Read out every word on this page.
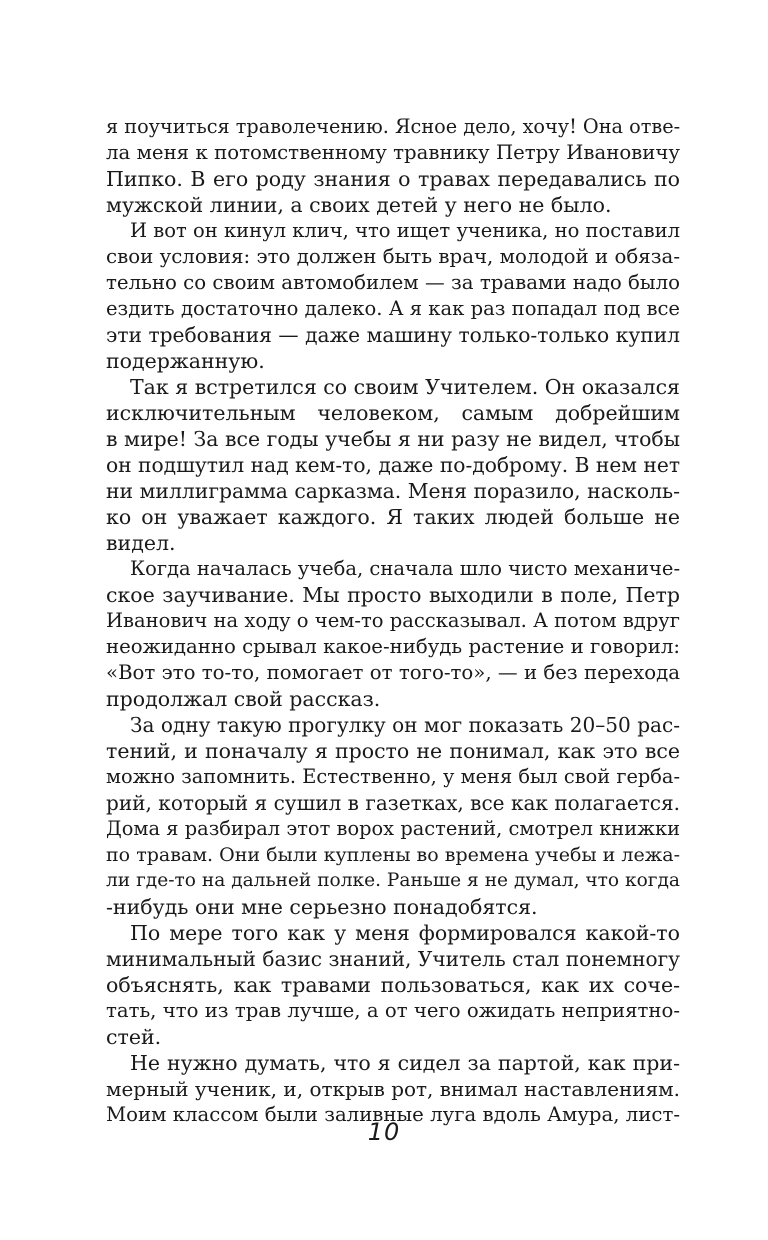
я поучиться траволечению. Ясное дело, хочу! Она отве-
ла меня к потомственному травнику Петру Ивановичу
Пипко. В его роду знания о травах передавались по
мужской линии, а своих детей у него не было.
И вот он кинул клич, что ищет ученика, но поставил
свои условия: это должен быть врач, молодой и обяза-
тельно со своим автомобилем — за травами надо было
ездить достаточно далеко. А я как раз попадал под все
эти требования — даже машину только-только купил
подержанную.
Так я встретился со своим Учителем. Он оказался
исключительным человеком, самым добрейшим
в мире! За все годы учебы я ни разу не видел, чтобы
он подшутил над кем-то, даже по-доброму. В нем нет
ни миллиграмма сарказма. Меня поразило, насколь-
ко он уважает каждого. Я таких людей больше не
видел.
Когда началась учеба, сначала шло чисто механиче-
ское заучивание. Мы просто выходили в поле, Петр
Иванович на ходу о чем-то рассказывал. А потом вдруг
неожиданно срывал какое-нибудь растение и говорил:
«Вот это то-то, помогает от того-то», — и без перехода
продолжал свой рассказ.
За одну такую прогулку он мог показать 20–50 рас-
тений, и поначалу я просто не понимал, как это все
можно запомнить. Естественно, у меня был свой герба-
рий, который я сушил в газетках, все как полагается.
Дома я разбирал этот ворох растений, смотрел книжки
по травам. Они были куплены во времена учебы и лежа-
ли где-то на дальней полке. Раньше я не думал, что когда
-нибудь они мне серьезно понадобятся.
По мере того как у меня формировался какой-то
минимальный базис знаний, Учитель стал понемногу
объяснять, как травами пользоваться, как их соче-
тать, что из трав лучше, а от чего ожидать неприятно-
стей.
Не нужно думать, что я сидел за партой, как при-
мерный ученик, и, открыв рот, внимал наставлениям.
Моим классом были заливные луга вдоль Амура, лист-
10
